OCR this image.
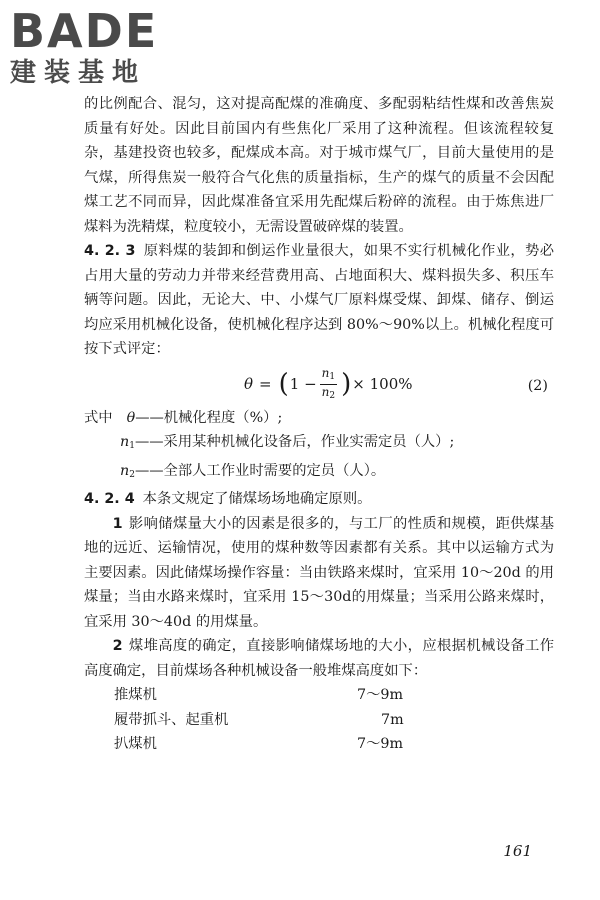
BADE
建装基地

的比例配合、混匀，这对提高配煤的准确度、多配弱粘结性煤和改善焦炭质量有好处。因此目前国内有些焦化厂采用了这种流程。但该流程较复杂，基建投资也较多，配煤成本高。对于城市煤气厂，目前大量使用的是气煤，所得焦炭一般符合气化焦的质量指标，生产的煤气的质量不会因配煤工艺不同而异，因此煤准备宜采用先配煤后粉碎的流程。由于炼焦进厂煤料为洗精煤，粒度较小，无需设置破碎煤的装置。

4. 2. 3 原料煤的装卸和倒运作业量很大，如果不实行机械化作业，势必占用大量的劳动力并带来经营费用高、占地面积大、煤料损失多、积压车辆等问题。因此，无论大、中、小煤气厂原料煤受煤、卸煤、储存、倒运均应采用机械化设备，使机械化程序达到 80%～90%以上。机械化程度可按下式评定：

θ = ( $1 - \frac{n_1}{n_2}$ ) × 100%	(2)
式中 θ ——机械化程度（%）;
$n_1——$采用某种机械化设备后，作业实需定员（人）;
$n_2——$全部人工作业时需要的定员（人）。

4. 2. 4 本条文规定了储煤场场地确定原则。

1 影响储煤量大小的因素是很多的，与工厂的性质和规模，距供煤基地的远近、运输情况，使用的煤种数等因素都有关系。其中以运输方式为主要因素。因此储煤场操作容量：当由铁路来煤时，宜采用 10～20d 的用煤量；当由水路来煤时，宜采用 15～30d的用煤量；当采用公路来煤时，宜采用 30～40d 的用煤量。

2 煤堆高度的确定，直接影响储煤场地的大小，应根据机械设备工作高度确定，目前煤场各种机械设备一般堆煤高度如下：

推煤机	7～9m
履带抓斗、起重机	7m
扒煤机	7～9m
161
